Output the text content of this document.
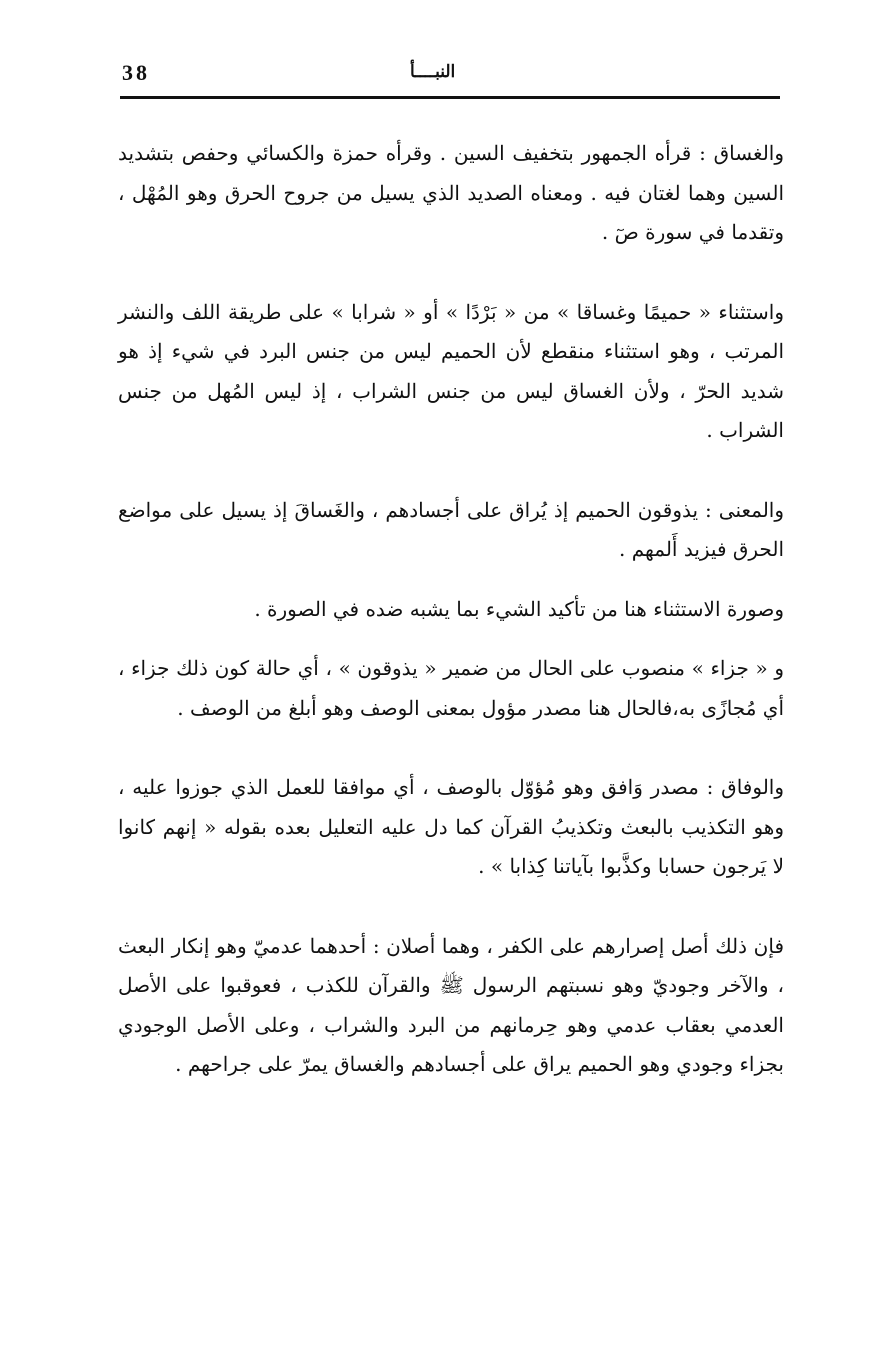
38	النبــــأ

والغساق : قرأه الجمهور بتخفيف السين . وقرأه حمزة والكسائي وحفص بتشديد السين وهما لغتان فيه . ومعناه الصديد الذي يسيل من جروح الحرق وهو المُهْل ، وتقدما في سورة صٓ .

واستثناء « حميمًا وغساقا » من « بَرْدًا » أو « شرابا » على طريقة اللف والنشر المرتب ، وهو استثناء منقطع لأن الحميم ليس من جنس البرد في شيء إذ هو شديد الحرّ ، ولأن الغساق ليس من جنس الشراب ، إذ ليس المُهل من جنس الشراب .

والمعنى : يذوقون الحميم إذ يُراق على أجسادهم ، والغَساقَ إذ يسيل على مواضع الحرق فيزيد أَلمهم .

وصورة الاستثناء هنا من تأكيد الشيء بما يشبه ضده في الصورة .

و « جزاء » منصوب على الحال من ضمير « يذوقون » ، أي حالة كون ذلك جزاء ، أي مُجازًى به،فالحال هنا مصدر مؤول بمعنى الوصف وهو أبلغ من الوصف .

والوفاق : مصدر وَافق وهو مُؤوّل بالوصف ، أي موافقا للعمل الذي جوزوا عليه ، وهو التكذيب بالبعث وتكذيبُ القرآن كما دل عليه التعليل بعده بقوله « إنهم كانوا لا يَرجون حسابا وكذَّبوا بآياتنا كِذابا » .

فإن ذلك أصل إصرارهم على الكفر ، وهما أصلان : أحدهما عدميّ وهو إنكار البعث ، والآخر وجوديّ وهو نسبتهم الرسول ﷺ والقرآن للكذب ، فعوقبوا على الأصل العدمي بعقاب عدمي وهو حِرمانهم من البرد والشراب ، وعلى الأصل الوجودي بجزاء وجودي وهو الحميم يراق على أجسادهم والغساق يمرّ على جراحهم .
